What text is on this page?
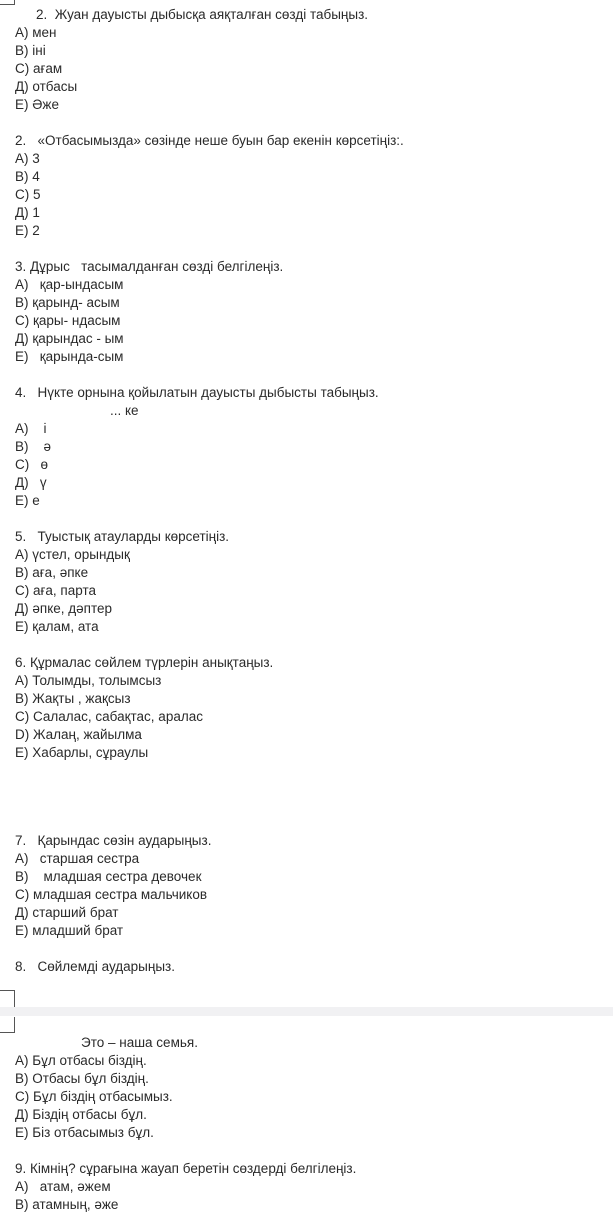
2.  Жуан дауысты дыбысқа аяқталған сөзді табыңыз.
А) мен
В) іні
С) ағам
Д) отбасы
Е) Әже
2.   «Отбасымызда» сөзінде неше буын бар екенін көрсетіңіз:.
А) 3
В) 4
С) 5
Д) 1
Е) 2
3. Дұрыс   тасымалданған сөзді белгілеңіз.
А)   қар-ындасым
В) қарынд- асым
С) қары- ндасым
Д) қарындас - ым
Е)   қарында-сым
4.   Нүкте орнына қойылатын дауысты дыбысты табыңыз.
... ке
А)    і
В)    ә
С)   ө
Д)   ү
Е) е
5.   Туыстық атауларды көрсетіңіз.
А) үстел, орындық
В) аға, әпке
С) аға, парта
Д) әпке, дәптер
Е) қалам, ата
6. Құрмалас сөйлем түрлерін анықтаңыз.
А) Толымды, толымсыз
В) Жақты , жақсыз
С) Салалас, сабақтас, аралас
D) Жалаң, жайылма
Е) Хабарлы, сұраулы
7.   Қарындас сөзін аударыңыз.
А)   старшая сестра
В)    младшая сестра девочек
С) младшая сестра мальчиков
Д) старший брат
Е) младший брат
8.   Сөйлемді аударыңыз.
Это – наша семья.
А) Бұл отбасы біздің.
В) Отбасы бұл біздің.
С) Бұл біздің отбасымыз.
Д) Біздің отбасы бұл.
Е) Біз отбасымыз бұл.
9. Кімнің? сұрағына жауап беретін сөздерді белгілеңіз.
А)   атам, әжем
В) атамның, әже
